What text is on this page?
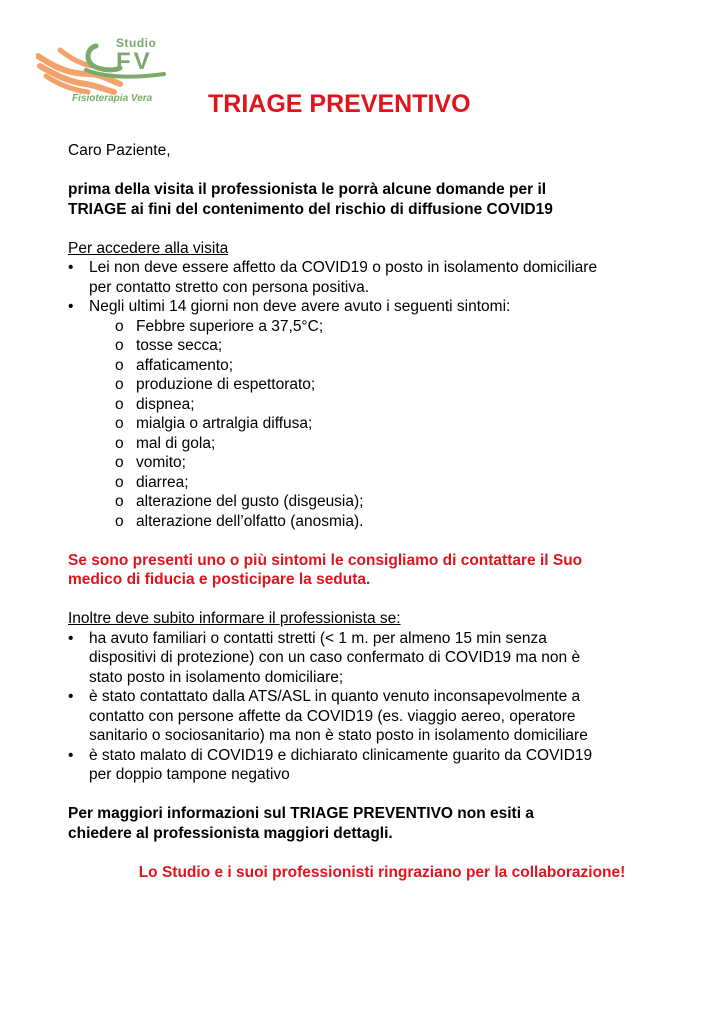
Studio
FV
Fisioterapia Vera	TRIAGE PREVENTIVO

Caro Paziente,

prima della visita il professionista le porrà alcune domande per il
TRIAGE ai fini del contenimento del rischio di diffusione COVID19
Per accedere alla visita
• Lei non deve essere affetto da COVID19 o posto in isolamento domiciliare
per contatto stretto con persona positiva.
• Negli ultimi 14 giorni non deve avere avuto i seguenti sintomi:
o Febbre superiore a 37,5°C;
o tosse secca;
o affaticamento;
o produzione di espettorato;
o dispnea;
o mialgia o artralgia diffusa;
o mal di gola;
o vomito;
o diarrea;
o alterazione del gusto (disgeusia);
o alterazione dell’olfatto (anosmia).
Se sono presenti uno o più sintomi le consigliamo di contattare il Suo
medico di fiducia e posticipare la seduta.
Inoltre deve subito informare il professionista se:
• ha avuto familiari o contatti stretti (< 1 m. per almeno 15 min senza
dispositivi di protezione) con un caso confermato di COVID19 ma non è
stato posto in isolamento domiciliare;
• è stato contattato dalla ATS/ASL in quanto venuto inconsapevolmente a
contatto con persone affette da COVID19 (es. viaggio aereo, operatore
sanitario o sociosanitario) ma non è stato posto in isolamento domiciliare
• è stato malato di COVID19 e dichiarato clinicamente guarito da COVID19
per doppio tampone negativo
Per maggiori informazioni sul TRIAGE PREVENTIVO non esiti a
chiedere al professionista maggiori dettagli.
Lo Studio e i suoi professionisti ringraziano per la collaborazione!
